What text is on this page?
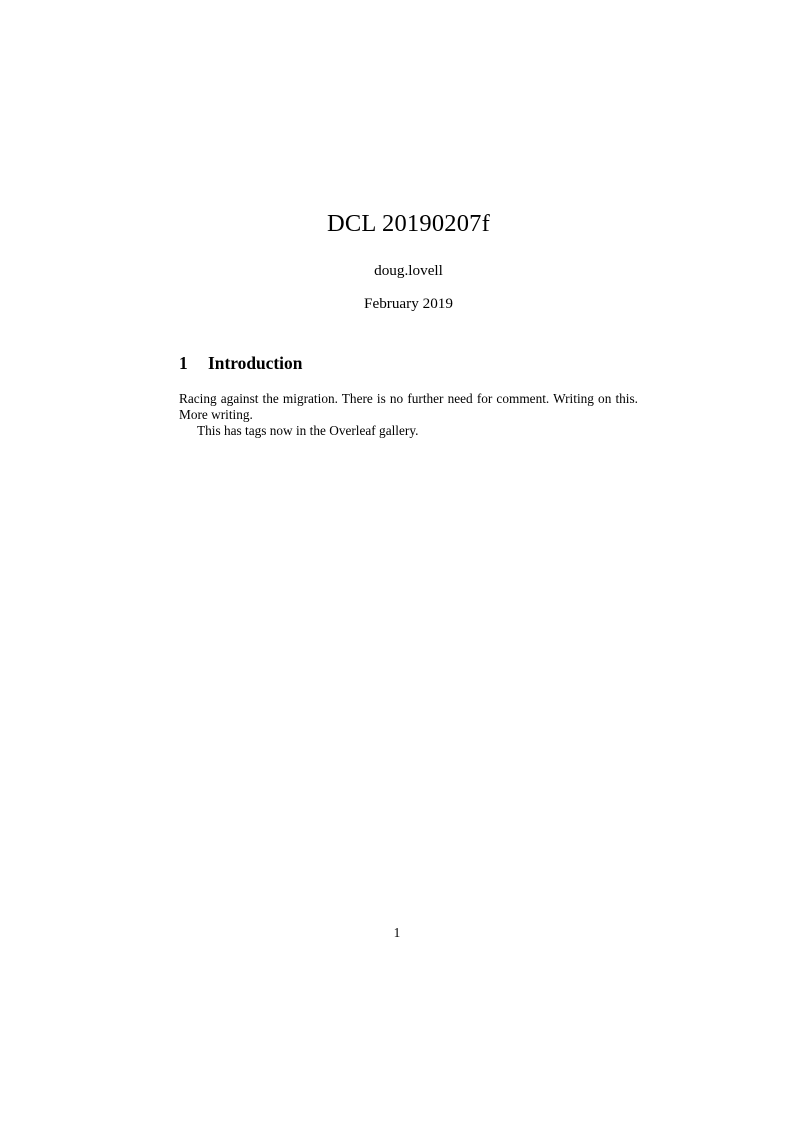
DCL 20190207f

doug.lovell

February 2019

1	Introduction

Racing against the migration. There is no further need for comment. Writing on this. More writing.

This has tags now in the Overleaf gallery.

1
